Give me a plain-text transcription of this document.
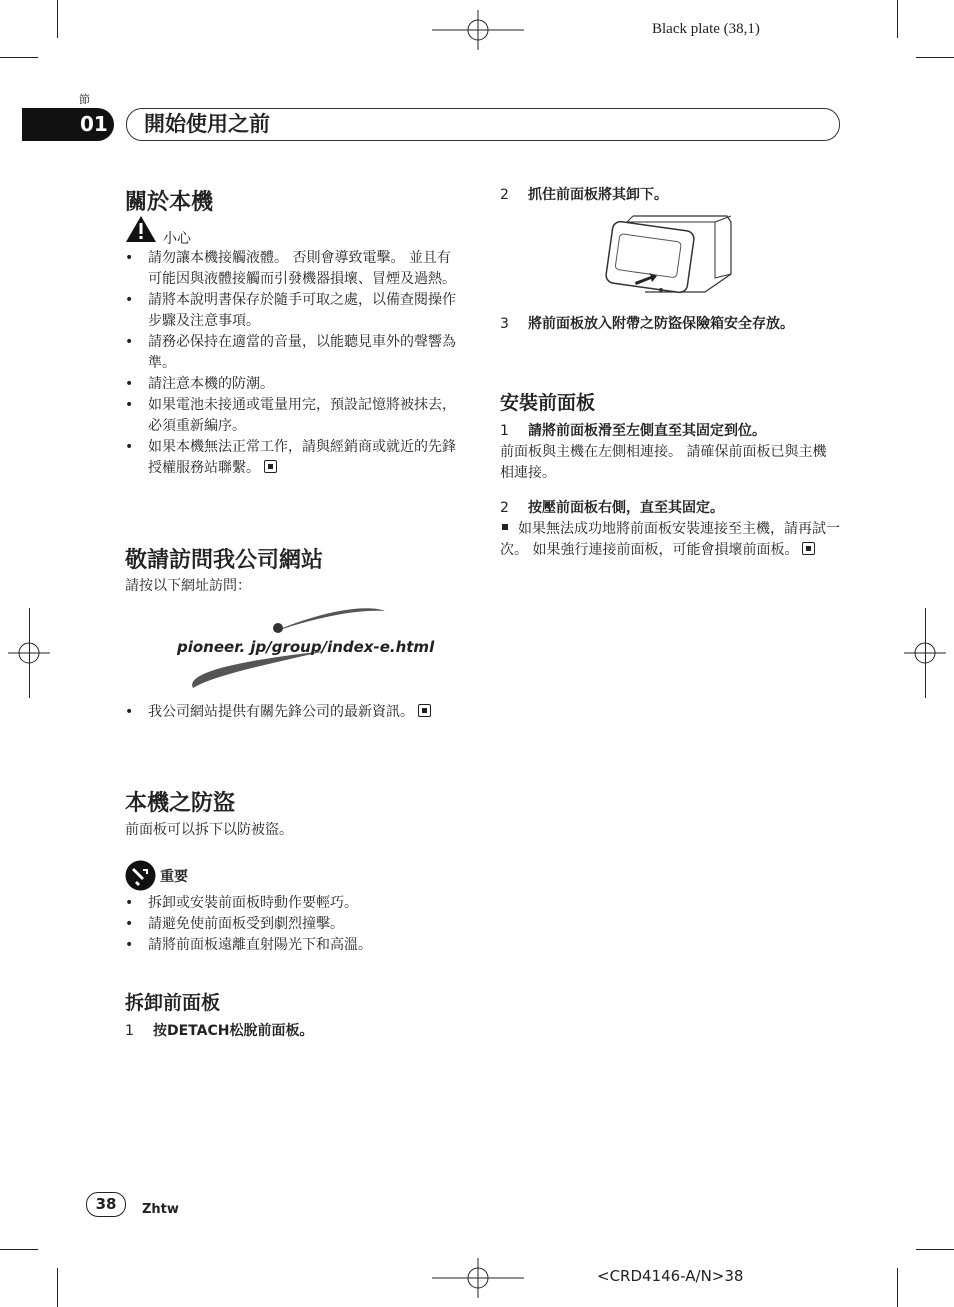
Black plate (38,1)
節
01	開始使用之前
關於本機
小心
• 請勿讓本機接觸液體。 否則會導致電擊。 並且有可能因與液體接觸而引發機器損壞、冒煙及過熱。
• 請將本說明書保存於隨手可取之處，以備查閱操作步驟及注意事項。
• 請務必保持在適當的音量，以能聽見車外的聲響為準。
• 請注意本機的防潮。
• 如果電池未接通或電量用完，預設記憶將被抹去，必須重新編序。
• 如果本機無法正常工作，請與經銷商或就近的先鋒授權服務站聯繫。
敬請訪問我公司網站
請按以下網址訪問：
pioneer. jp/group/index-e.html
• 我公司網站提供有關先鋒公司的最新資訊。
本機之防盜
前面板可以拆下以防被盜。
重要
• 拆卸或安裝前面板時動作要輕巧。
• 請避免使前面板受到劇烈撞擊。
• 請將前面板遠離直射陽光下和高溫。
拆卸前面板
1 按DETACH松脫前面板。
2 抓住前面板將其卸下。
3 將前面板放入附帶之防盜保險箱安全存放。
安裝前面板
1 請將前面板滑至左側直至其固定到位。
前面板與主機在左側相連接。 請確保前面板已與主機相連接。
2 按壓前面板右側，直至其固定。
如果無法成功地將前面板安裝連接至主機，請再試一次。 如果強行連接前面板，可能會損壞前面板。
38	Zhtw
<CRD4146-A/N>38
